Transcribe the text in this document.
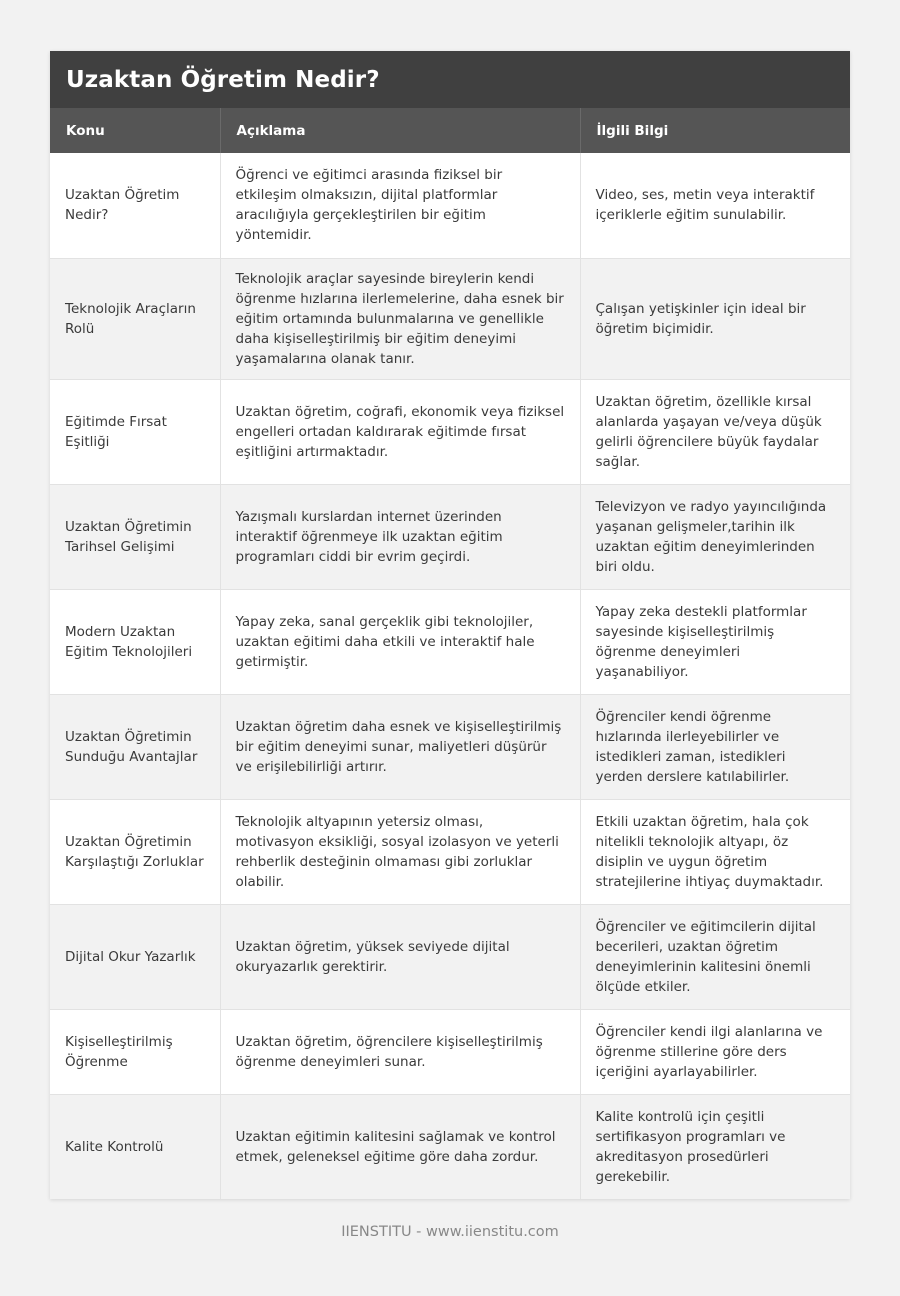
Uzaktan Öğretim Nedir?
Konu	Açıklama	İlgili Bilgi
Uzaktan Öğretim Nedir?	Öğrenci ve eğitimci arasında fiziksel bir etkileşim olmaksızın, dijital platformlar aracılığıyla gerçekleştirilen bir eğitim yöntemidir.	Video, ses, metin veya interaktif içeriklerle eğitim sunulabilir.
Teknolojik Araçların Rolü	Teknolojik araçlar sayesinde bireylerin kendi öğrenme hızlarına ilerlemelerine, daha esnek bir eğitim ortamında bulunmalarına ve genellikle daha kişiselleştirilmiş bir eğitim deneyimi yaşamalarına olanak tanır.	Çalışan yetişkinler için ideal bir öğretim biçimidir.
Eğitimde Fırsat Eşitliği	Uzaktan öğretim, coğrafi, ekonomik veya fiziksel engelleri ortadan kaldırarak eğitimde fırsat eşitliğini artırmaktadır.	Uzaktan öğretim, özellikle kırsal alanlarda yaşayan ve/veya düşük gelirli öğrencilere büyük faydalar sağlar.
Uzaktan Öğretimin Tarihsel Gelişimi	Yazışmalı kurslardan internet üzerinden interaktif öğrenmeye ilk uzaktan eğitim programları ciddi bir evrim geçirdi.	Televizyon ve radyo yayıncılığında yaşanan gelişmeler,tarihin ilk uzaktan eğitim deneyimlerinden biri oldu.
Modern Uzaktan Eğitim Teknolojileri	Yapay zeka, sanal gerçeklik gibi teknolojiler, uzaktan eğitimi daha etkili ve interaktif hale getirmiştir.	Yapay zeka destekli platformlar sayesinde kişiselleştirilmiş öğrenme deneyimleri yaşanabiliyor.
Uzaktan Öğretimin Sunduğu Avantajlar	Uzaktan öğretim daha esnek ve kişiselleştirilmiş bir eğitim deneyimi sunar, maliyetleri düşürür ve erişilebilirliği artırır.	Öğrenciler kendi öğrenme hızlarında ilerleyebilirler ve istedikleri zaman, istedikleri yerden derslere katılabilirler.
Uzaktan Öğretimin Karşılaştığı Zorluklar	Teknolojik altyapının yetersiz olması, motivasyon eksikliği, sosyal izolasyon ve yeterli rehberlik desteğinin olmaması gibi zorluklar olabilir.	Etkili uzaktan öğretim, hala çok nitelikli teknolojik altyapı, öz disiplin ve uygun öğretim stratejilerine ihtiyaç duymaktadır.
Dijital Okur Yazarlık	Uzaktan öğretim, yüksek seviyede dijital okuryazarlık gerektirir.	Öğrenciler ve eğitimcilerin dijital becerileri, uzaktan öğretim deneyimlerinin kalitesini önemli ölçüde etkiler.
Kişiselleştirilmiş Öğrenme	Uzaktan öğretim, öğrencilere kişiselleştirilmiş öğrenme deneyimleri sunar.	Öğrenciler kendi ilgi alanlarına ve öğrenme stillerine göre ders içeriğini ayarlayabilirler.
Kalite Kontrolü	Uzaktan eğitimin kalitesini sağlamak ve kontrol etmek, geleneksel eğitime göre daha zordur.	Kalite kontrolü için çeşitli sertifikasyon programları ve akreditasyon prosedürleri gerekebilir.
IIENSTITU - www.iienstitu.com
